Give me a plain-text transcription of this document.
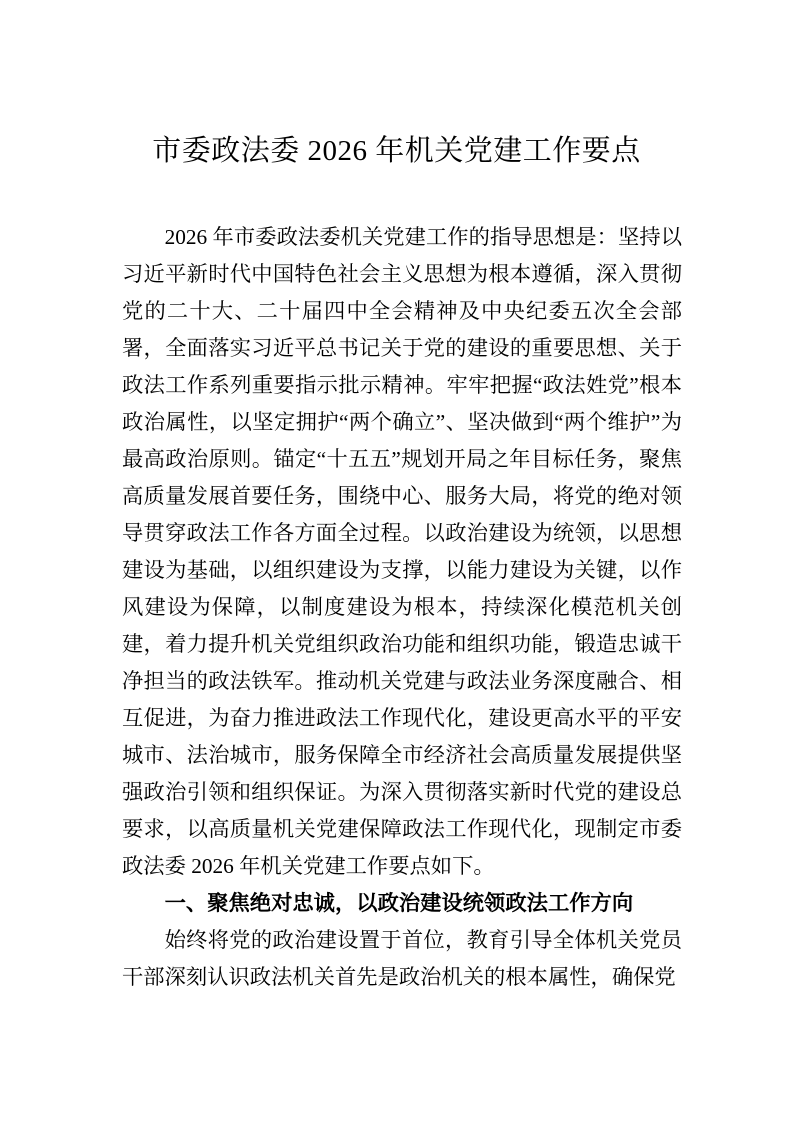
市委政法委 2026 年机关党建工作要点

2026 年市委政法委机关党建工作的指导思想是：坚持以习近平新时代中国特色社会主义思想为根本遵循，深入贯彻党的二十大、二十届四中全会精神及中央纪委五次全会部署，全面落实习近平总书记关于党的建设的重要思想、关于政法工作系列重要指示批示精神。牢牢把握“政法姓党”根本政治属性，以坚定拥护“两个确立”、坚决做到“两个维护”为最高政治原则。锚定“十五五”规划开局之年目标任务，聚焦高质量发展首要任务，围绕中心、服务大局，将党的绝对领导贯穿政法工作各方面全过程。以政治建设为统领，以思想建设为基础，以组织建设为支撑，以能力建设为关键，以作风建设为保障，以制度建设为根本，持续深化模范机关创建，着力提升机关党组织政治功能和组织功能，锻造忠诚干净担当的政法铁军。推动机关党建与政法业务深度融合、相互促进，为奋力推进政法工作现代化，建设更高水平的平安城市、法治城市，服务保障全市经济社会高质量发展提供坚强政治引领和组织保证。为深入贯彻落实新时代党的建设总要求，以高质量机关党建保障政法工作现代化，现制定市委政法委 2026 年机关党建工作要点如下。

一、聚焦绝对忠诚，以政治建设统领政法工作方向

始终将党的政治建设置于首位，教育引导全体机关党员干部深刻认识政法机关首先是政治机关的根本属性，确保党
